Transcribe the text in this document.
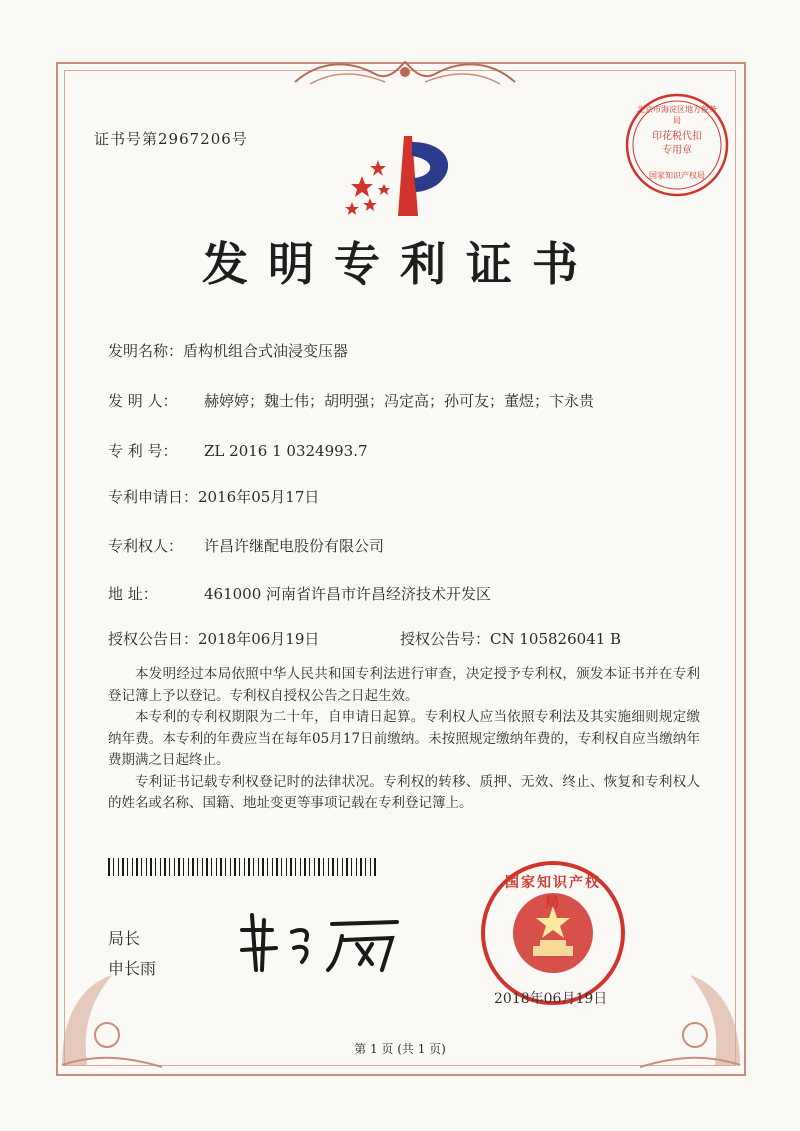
证书号第2967206号
北京市海淀区地方税务局
印花税代扣专用章
国家知识产权局
发明专利证书
发明名称：盾构机组合式油浸变压器
发 明 人： 赫婷婷；魏士伟；胡明强；冯定高；孙可友；董煜；卞永贵
专 利 号： ZL 2016 1 0324993.7
专利申请日：2016年05月17日
专利权人： 许昌许继配电股份有限公司
地 址：	461000 河南省许昌市许昌经济技术开发区
授权公告日：2018年06月19日	授权公告号：CN 105826041 B

本发明经过本局依照中华人民共和国专利法进行审查，决定授予专利权，颁发本证书并在专利登记簿上予以登记。专利权自授权公告之日起生效。

本专利的专利权期限为二十年，自申请日起算。专利权人应当依照专利法及其实施细则规定缴纳年费。本专利的年费应当在每年05月17日前缴纳。未按照规定缴纳年费的，专利权自应当缴纳年费期满之日起终止。

专利证书记载专利权登记时的法律状况。专利权的转移、质押、无效、终止、恢复和专利权人的姓名或名称、国籍、地址变更等事项记载在专利登记簿上。

局长
申长雨
国家知识产权局
2018年06月19日
第 1 页 (共 1 页)
